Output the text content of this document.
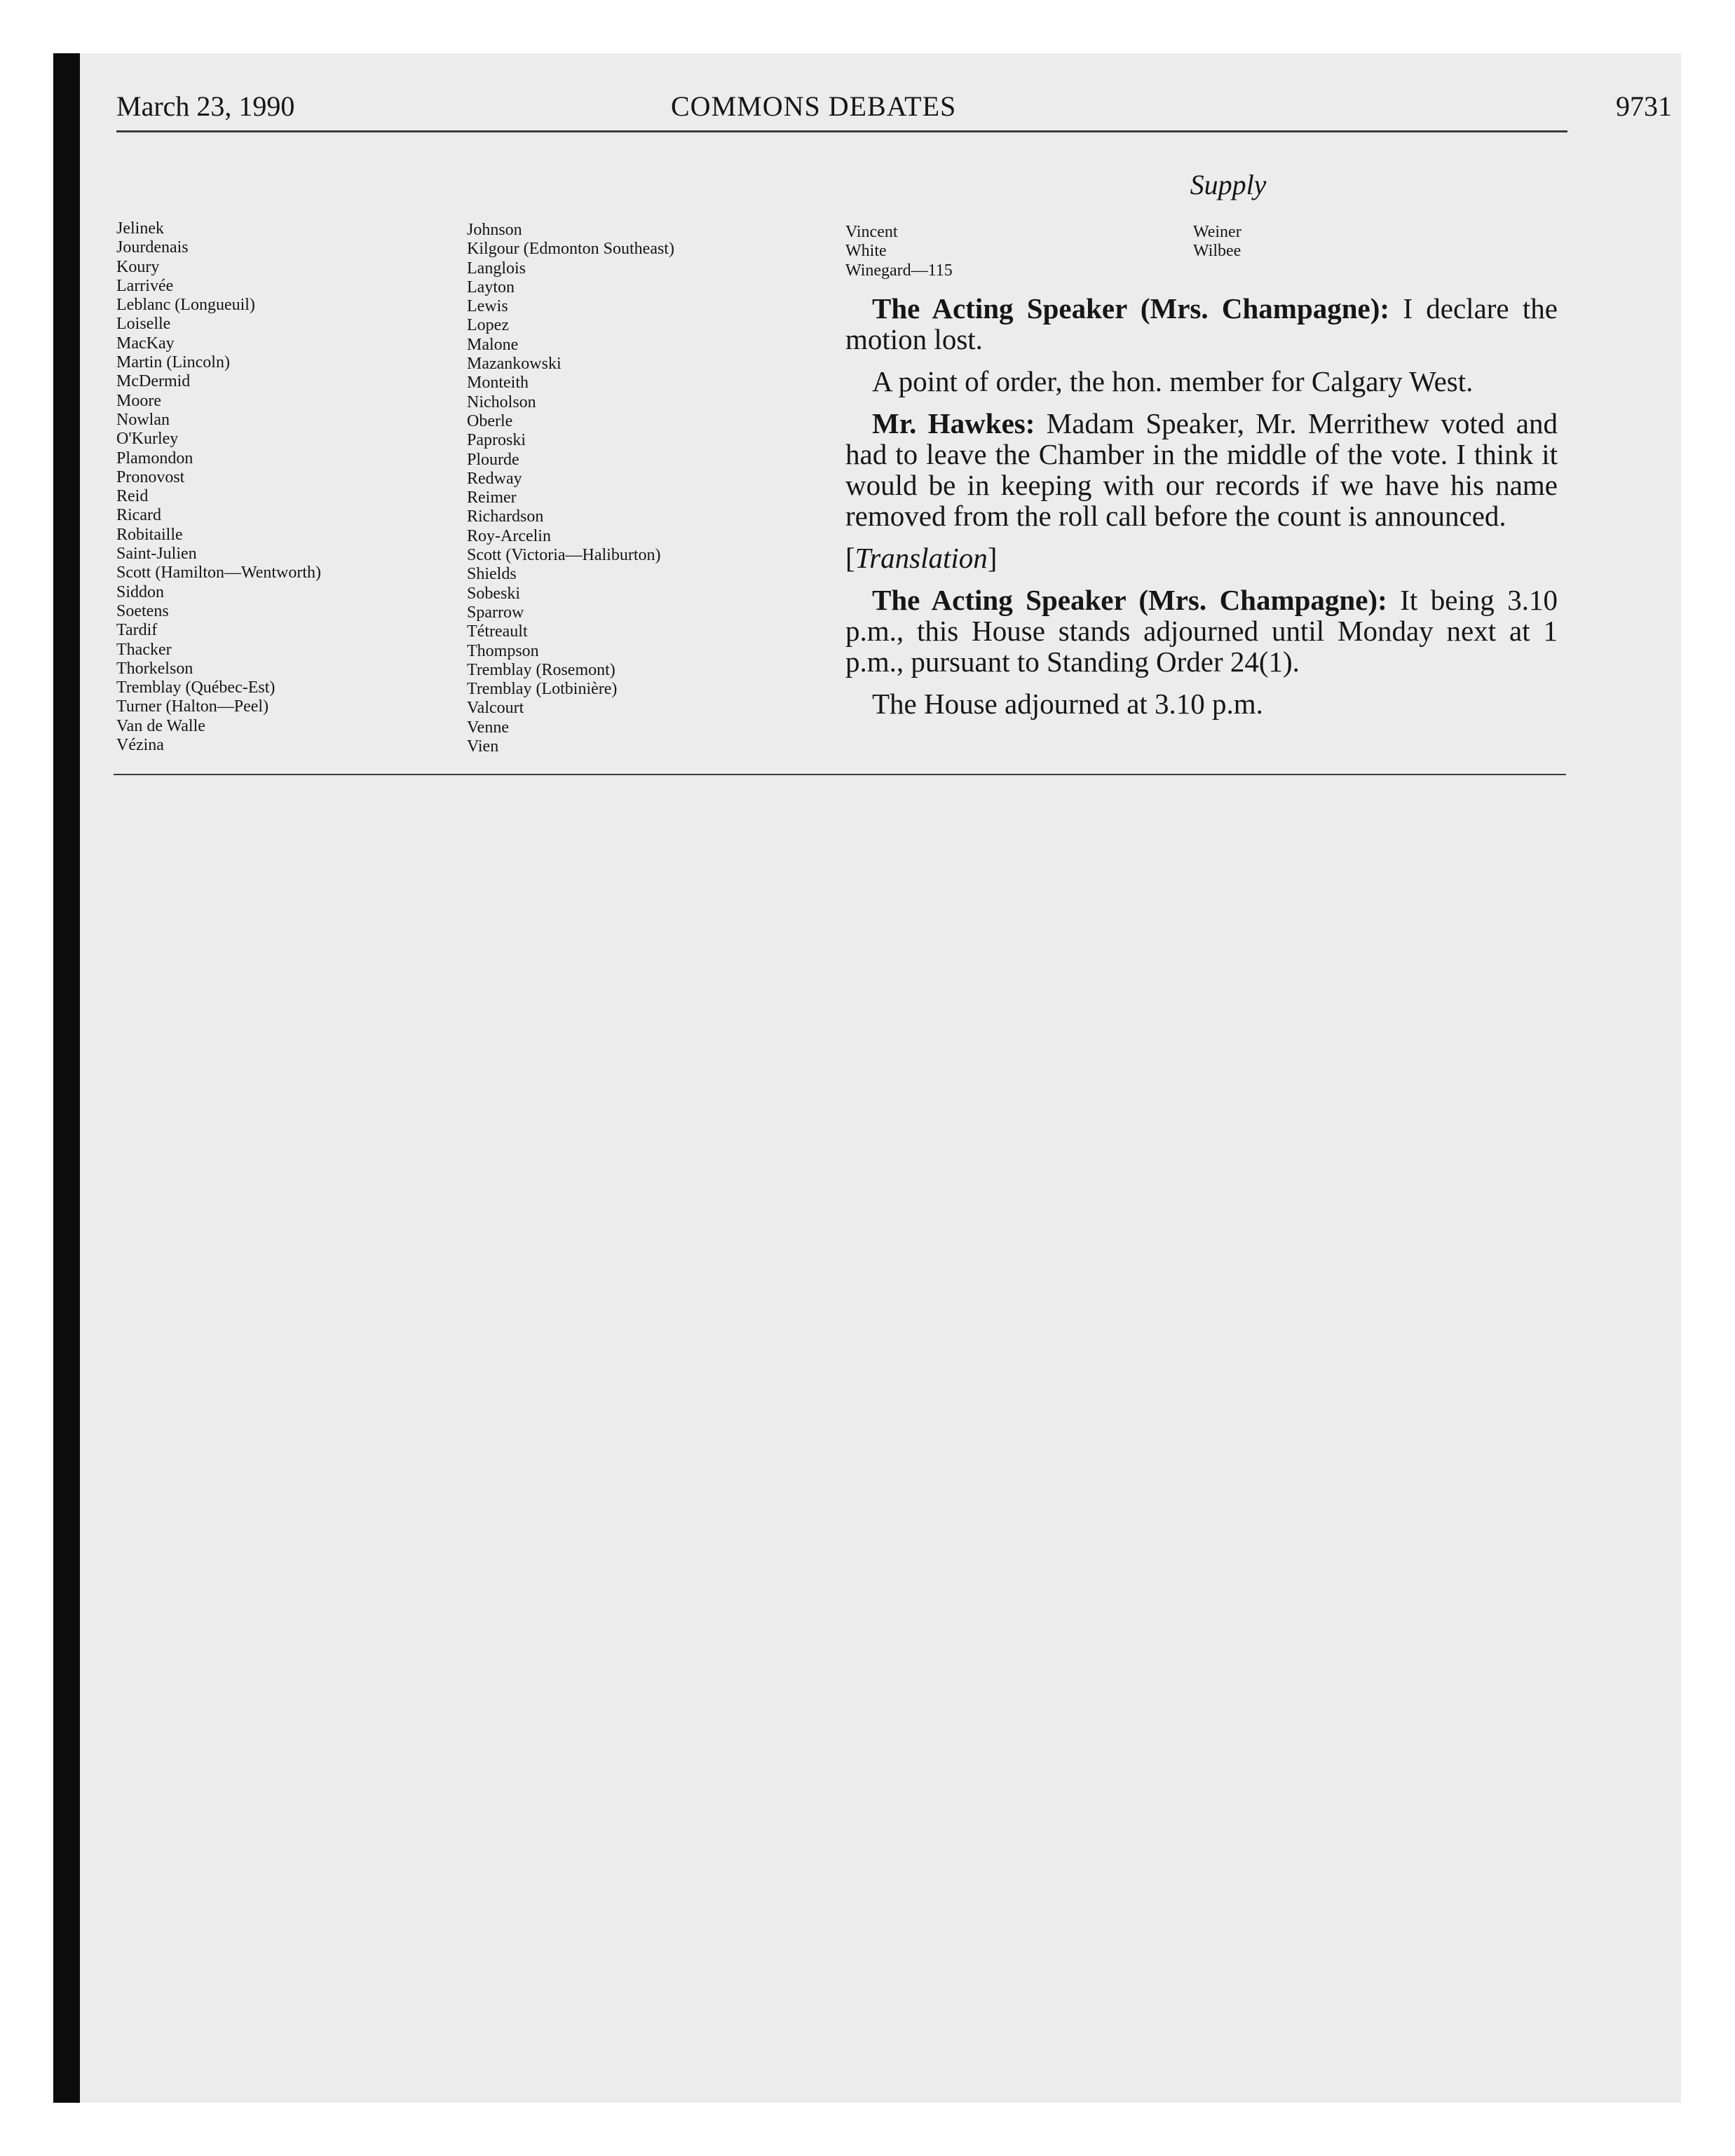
March 23, 1990	COMMONS DEBATES	9731
Supply
Jelinek
Jourdenais
Koury
Larrivée
Leblanc (Longueuil)
Loiselle
MacKay
Martin (Lincoln)
McDermid
Moore
Nowlan
O'Kurley
Plamondon
Pronovost
Reid
Ricard
Robitaille
Saint-Julien
Scott (Hamilton—Wentworth)
Siddon
Soetens
Tardif
Thacker
Thorkelson
Tremblay (Québec-Est)
Turner (Halton—Peel)
Van de Walle
Vézina
Johnson
Kilgour (Edmonton Southeast)
Langlois
Layton
Lewis
Lopez
Malone
Mazankowski
Monteith
Nicholson
Oberle
Paproski
Plourde
Redway
Reimer
Richardson
Roy-Arcelin
Scott (Victoria—Haliburton)
Shields
Sobeski
Sparrow
Tétreault
Thompson
Tremblay (Rosemont)
Tremblay (Lotbinière)
Valcourt
Venne
Vien
Vincent
White
Winegard—115
Weiner
Wilbee

The Acting Speaker (Mrs. Champagne): I declare the motion lost.

A point of order, the hon. member for Calgary West.

Mr. Hawkes: Madam Speaker, Mr. Merrithew voted and had to leave the Chamber in the middle of the vote. I think it would be in keeping with our records if we have his name removed from the roll call before the count is announced.

[Translation]

The Acting Speaker (Mrs. Champagne): It being 3.10 p.m., this House stands adjourned until Monday next at 1 p.m., pursuant to Standing Order 24(1).

The House adjourned at 3.10 p.m.
